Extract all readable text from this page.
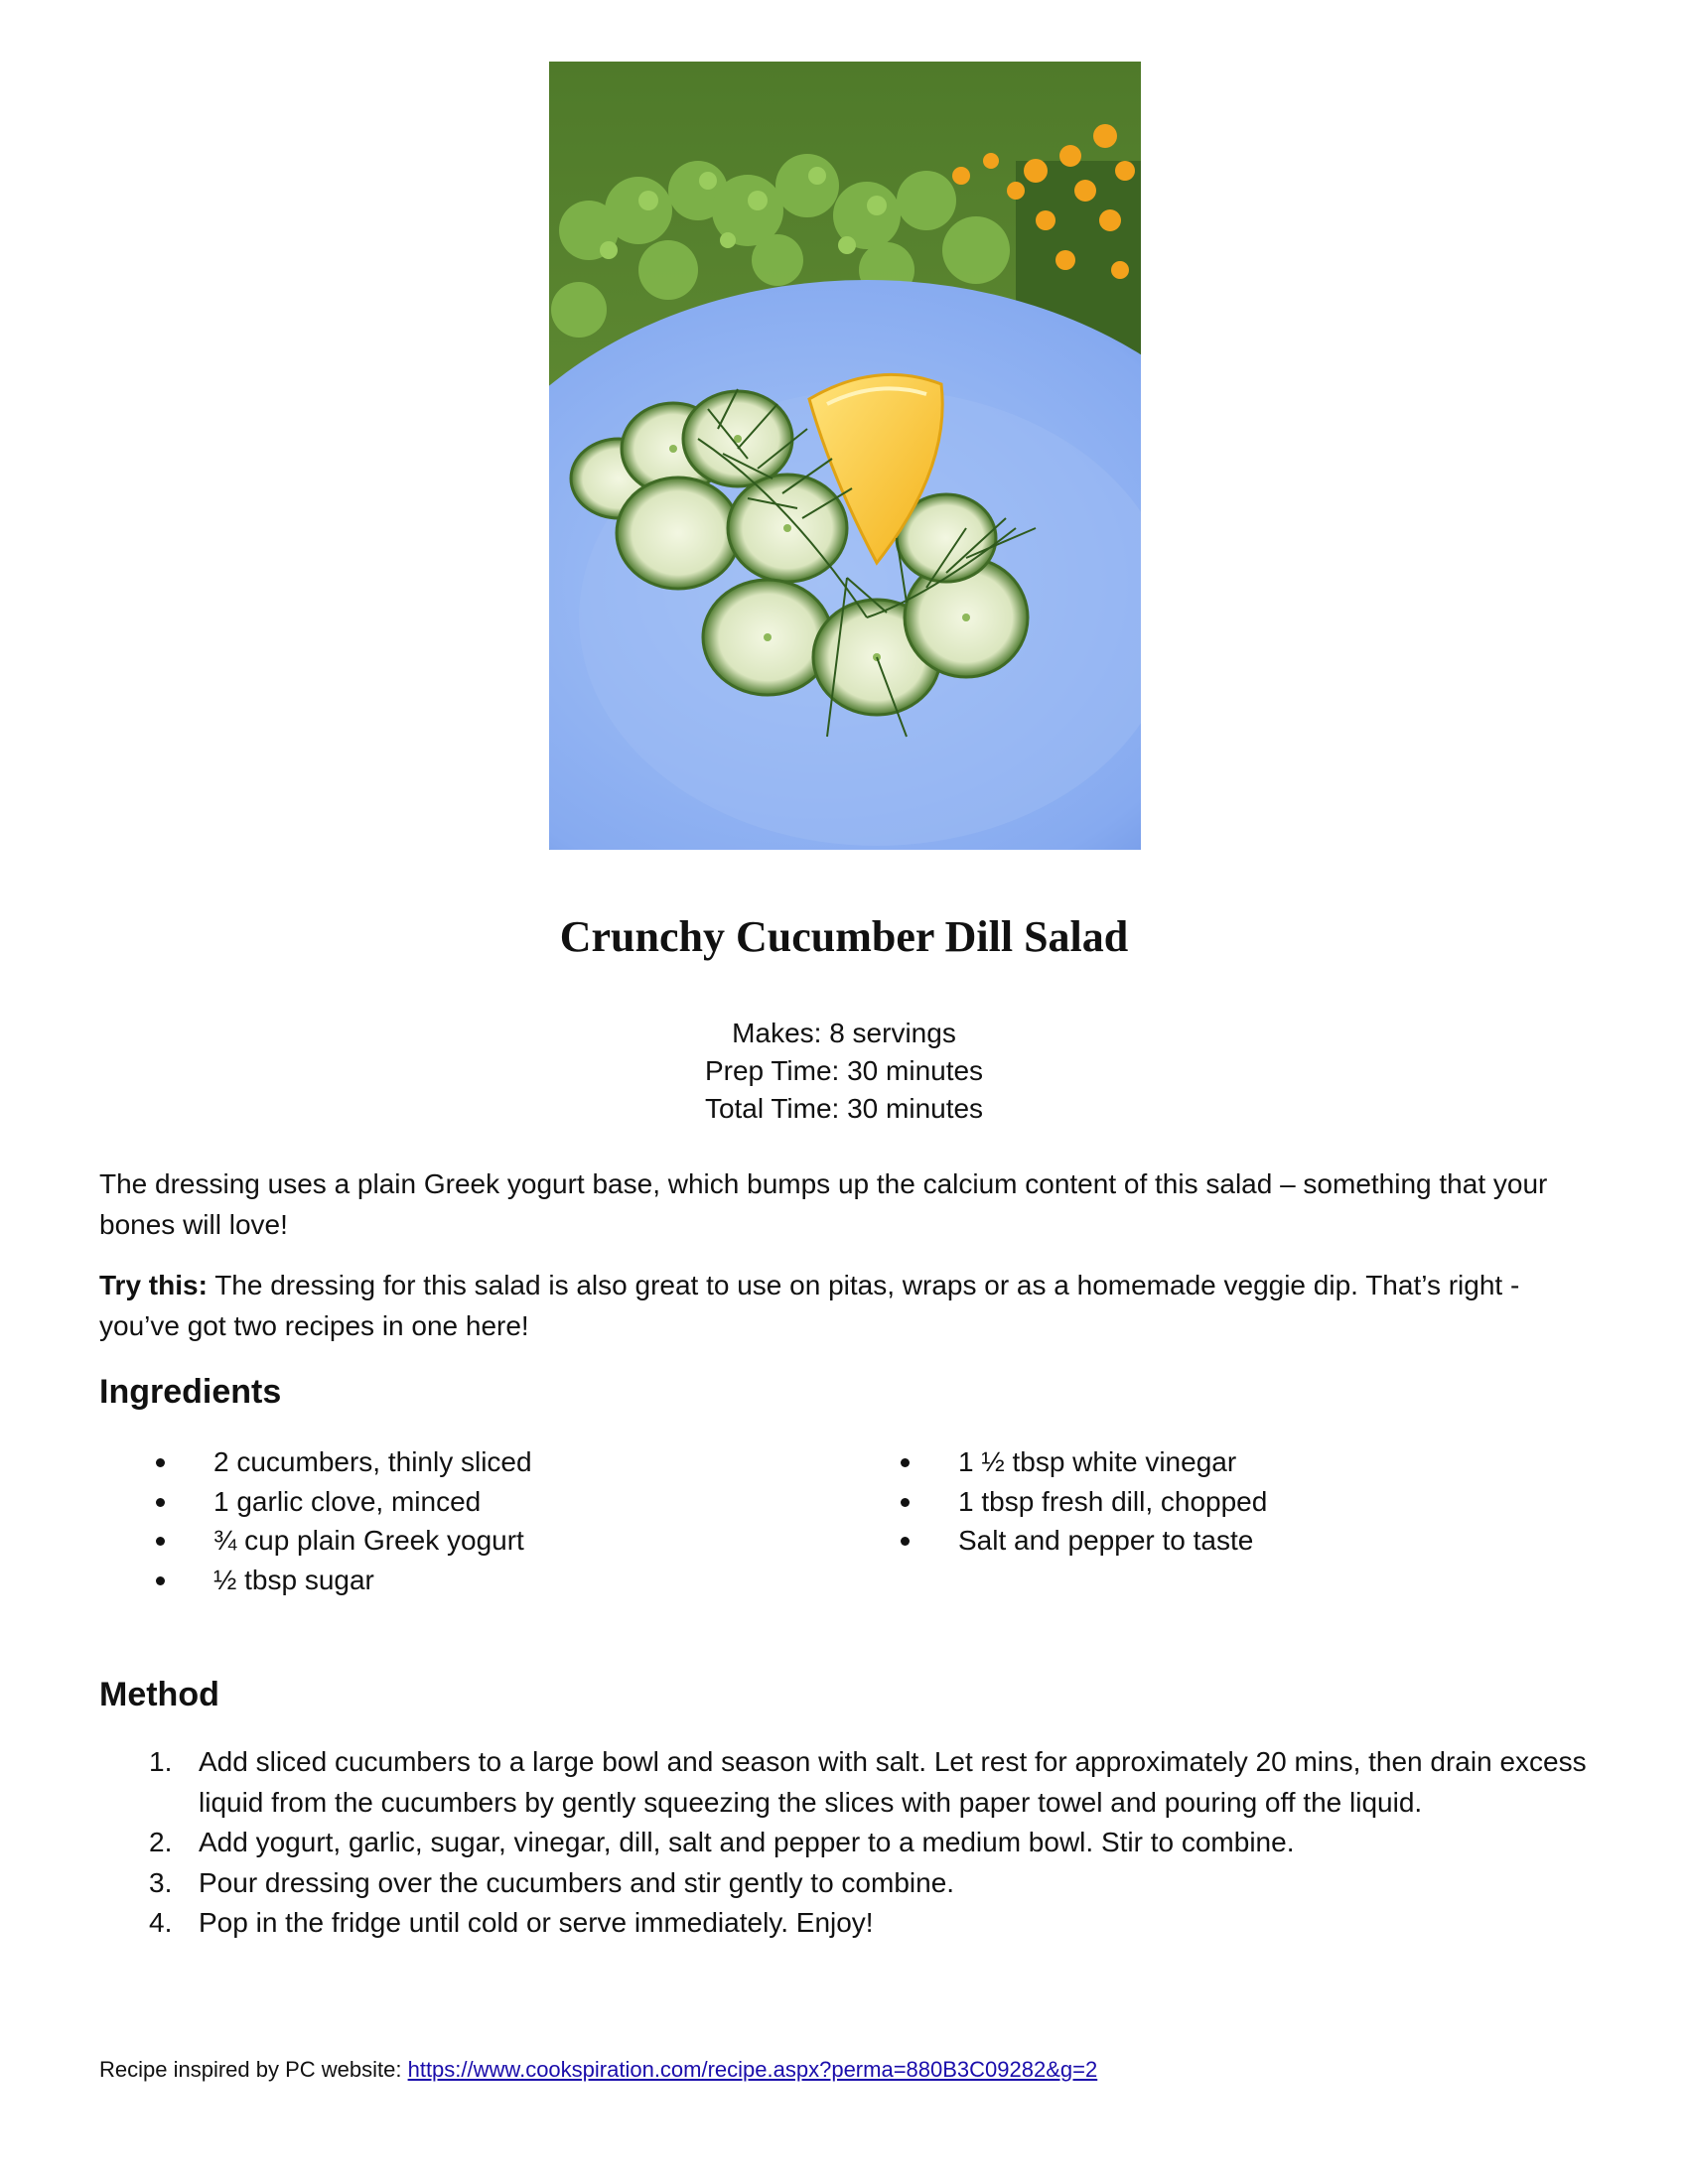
Crunchy Cucumber Dill Salad
Makes: 8 servings
Prep Time: 30 minutes
Total Time: 30 minutes

The dressing uses a plain Greek yogurt base, which bumps up the calcium content of this salad – something that your bones will love!

Try this: The dressing for this salad is also great to use on pitas, wraps or as a homemade veggie dip. That’s right - you’ve got two recipes in one here!

Ingredients
2 cucumbers, thinly sliced
1 garlic clove, minced
¾ cup plain Greek yogurt
½ tbsp sugar
1 ½ tbsp white vinegar
1 tbsp fresh dill, chopped
Salt and pepper to taste
Method
1. Add sliced cucumbers to a large bowl and season with salt. Let rest for approximately 20 mins, then drain excess liquid from the cucumbers by gently squeezing the slices with paper towel and pouring off the liquid.
2. Add yogurt, garlic, sugar, vinegar, dill, salt and pepper to a medium bowl. Stir to combine.
3. Pour dressing over the cucumbers and stir gently to combine.
4. Pop in the fridge until cold or serve immediately. Enjoy!

Recipe inspired by PC website: https://www.cookspiration.com/recipe.aspx?perma=880B3C09282&g=2
